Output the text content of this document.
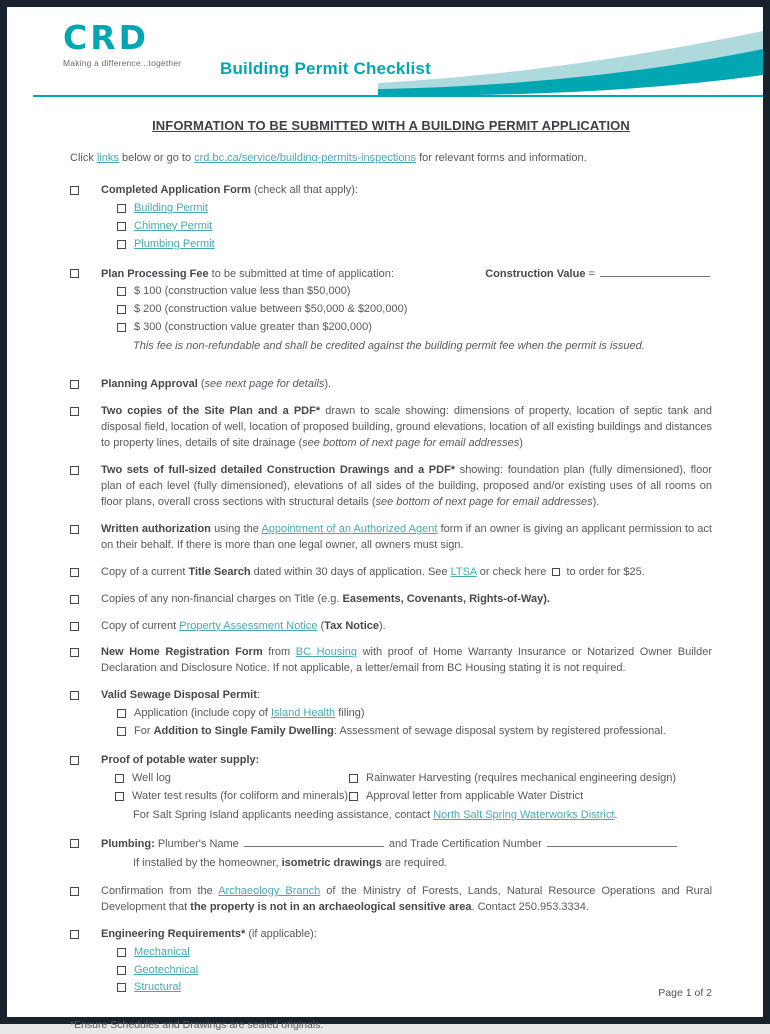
CRD
Making a difference...together Building Permit Checklist
INFORMATION TO BE SUBMITTED WITH A BUILDING PERMIT APPLICATION

Click links below or go to crd.bc.ca/service/building-permits-inspections for relevant forms and information.

Completed Application Form (check all that apply):
Building Permit
Chimney Permit
Plumbing Permit
Plan Processing Fee to be submitted at time of application:	Construction Value =
$ 100 (construction value less than $50,000)
$ 200 (construction value between $50,000 & $200,000)
$ 300 (construction value greater than $200,000)
This fee is non-refundable and shall be credited against the building permit fee when the permit is issued.
Planning Approval (see next page for details).
Two copies of the Site Plan and a PDF* drawn to scale showing: dimensions of property, location of septic tank and disposal field, location of well, location of proposed building, ground elevations, location of all existing buildings and distances to property lines, details of site drainage (see bottom of next page for email addresses)
Two sets of full-sized detailed Construction Drawings and a PDF* showing: foundation plan (fully dimensioned), floor plan of each level (fully dimensioned), elevations of all sides of the building, proposed and/or existing uses of all rooms on floor plans, overall cross sections with structural details (see bottom of next page for email addresses).
Written authorization using the Appointment of an Authorized Agent form if an owner is giving an applicant permission to act on their behalf. If there is more than one legal owner, all owners must sign.
Copy of a current Title Search dated within 30 days of application. See LTSA or check here  to order for $25.
Copies of any non-financial charges on Title (e.g. Easements, Covenants, Rights-of-Way).
Copy of current Property Assessment Notice (Tax Notice).
New Home Registration Form from BC Housing with proof of Home Warranty Insurance or Notarized Owner Builder Declaration and Disclosure Notice. If not applicable, a letter/email from BC Housing stating it is not required.
Valid Sewage Disposal Permit:
Application (include copy of Island Health filing)
For Addition to Single Family Dwelling: Assessment of sewage disposal system by registered professional.
Proof of potable water supply:
Well log	Rainwater Harvesting (requires mechanical engineering design)
Water test results (for coliform and minerals) Approval letter from applicable Water District
For Salt Spring Island applicants needing assistance, contact North Salt Spring Waterworks District.
Plumbing: Plumber's Name	and Trade Certification Number
If installed by the homeowner, isometric drawings are required.
Confirmation from the Archaeology Branch of the Ministry of Forests, Lands, Natural Resource Operations and Rural Development that the property is not in an archaeological sensitive area. Contact 250.953.3334.
Engineering Requirements* (if applicable):
Mechanical
Geotechnical
Structural

*Ensure Schedules and Drawings are sealed originals.

Page 1 of 2
